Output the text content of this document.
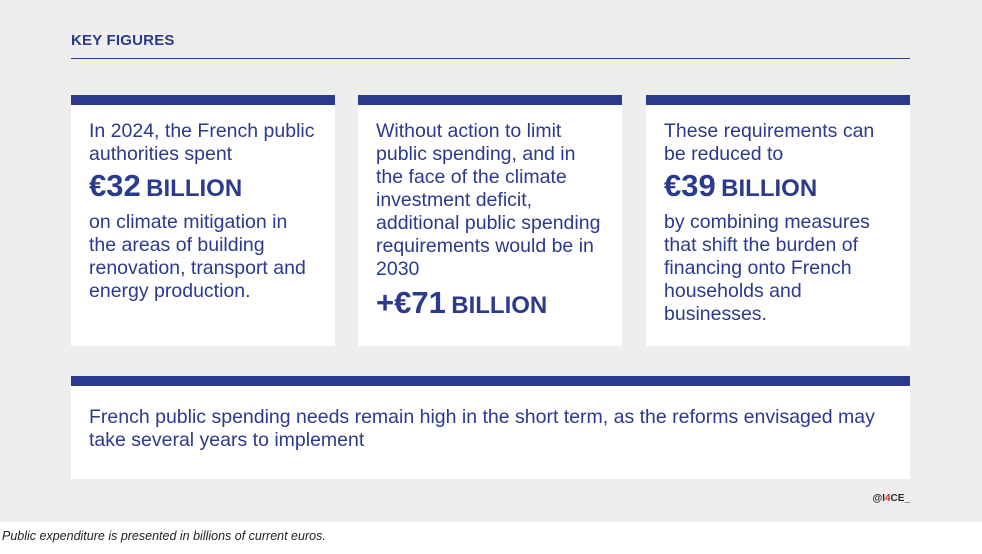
KEY FIGURES
In 2024, the French public authorities spent
€32 BILLION
on climate mitigation in the areas of building renovation, transport and energy production.
Without action to limit public spending, and in the face of the climate investment deficit, additional public spending requirements would be in 2030
+€71 BILLION
These requirements can be reduced to
€39 BILLION
by combining measures that shift the burden of financing onto French households and businesses.
French public spending needs remain high in the short term, as the reforms envisaged may take several years to implement
@I4CE_
Public expenditure is presented in billions of current euros.
